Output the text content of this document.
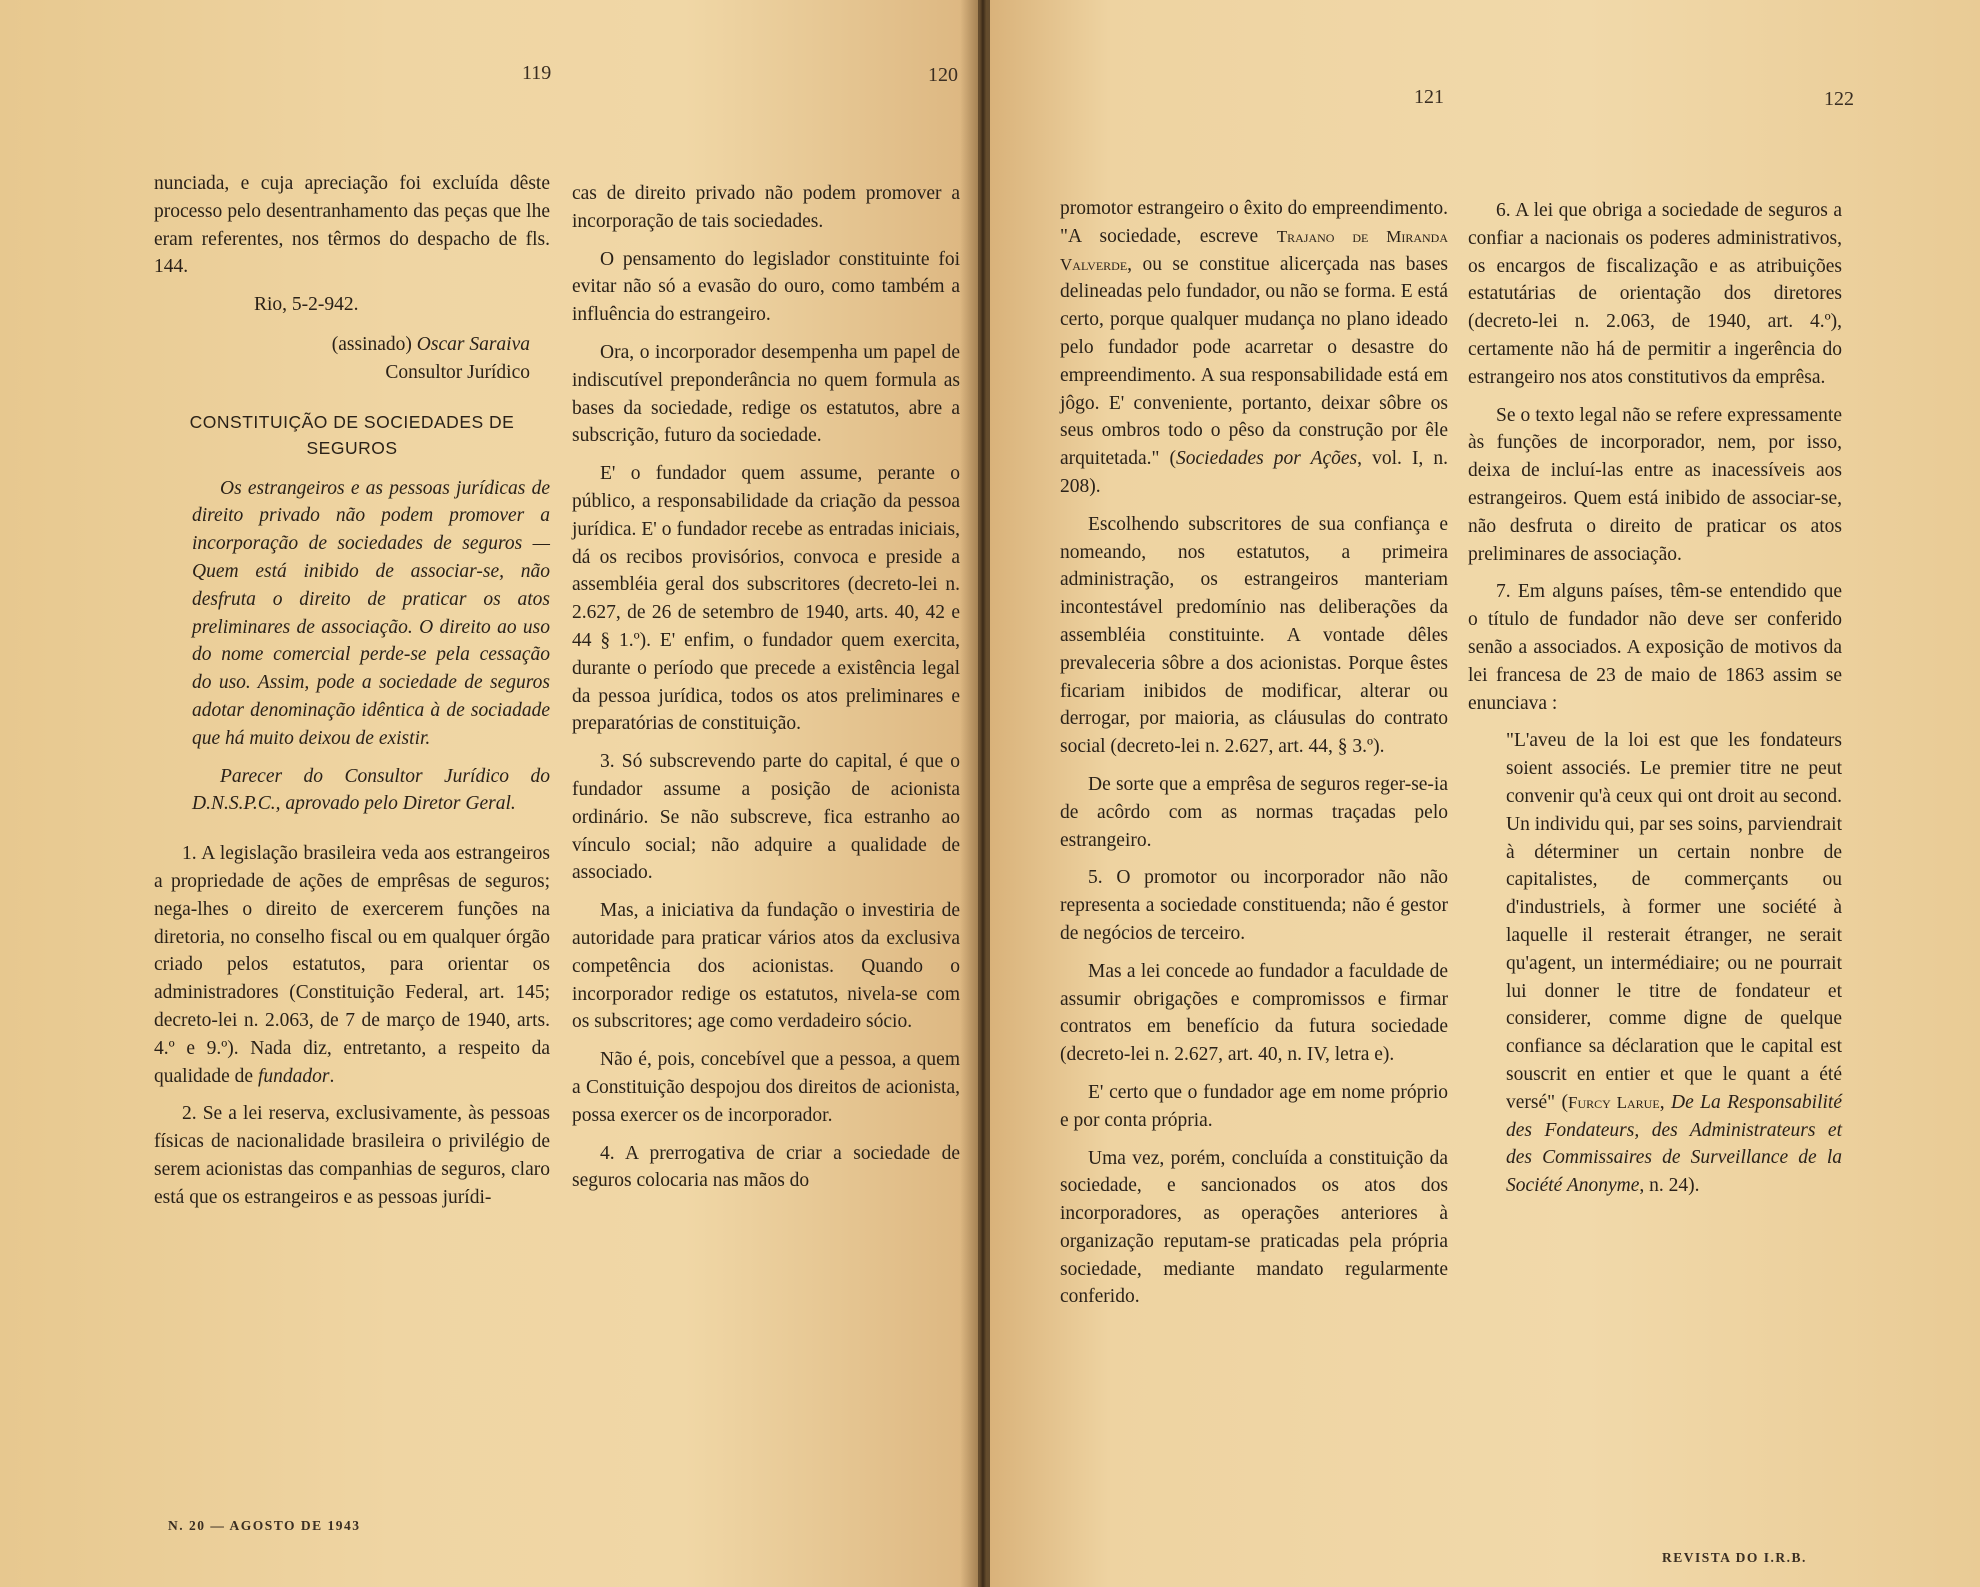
119	120

nunciada, e cuja apreciação foi excluída dêste processo pelo desentranhamento das peças que lhe eram referentes, nos têrmos do despacho de fls. 144.

Rio, 5-2-942.

(assinado) Oscar Saraiva

Consultor Jurídico

CONSTITUIÇÃO DE SOCIEDADES DE SEGUROS

Os estrangeiros e as pessoas jurídicas de direito privado não podem promover a incorporação de sociedades de seguros — Quem está inibido de associar-se, não desfruta o direito de praticar os atos preliminares de associação. O direito ao uso do nome comercial perde-se pela cessação do uso. Assim, pode a sociedade de seguros adotar denominação idêntica à de sociadade que há muito deixou de existir.

Parecer do Consultor Jurídico do D.N.S.P.C., aprovado pelo Diretor Geral.

1. A legislação brasileira veda aos estrangeiros a propriedade de ações de emprêsas de seguros; nega-lhes o direito de exercerem funções na diretoria, no conselho fiscal ou em qualquer órgão criado pelos estatutos, para orientar os administradores (Constituição Federal, art. 145; decreto-lei n. 2.063, de 7 de março de 1940, arts. 4.º e 9.º). Nada diz, entretanto, a respeito da qualidade de fundador.

2. Se a lei reserva, exclusivamente, às pessoas físicas de nacionalidade brasileira o privilégio de serem acionistas das companhias de seguros, claro está que os estrangeiros e as pessoas jurídi-

cas de direito privado não podem promover a incorporação de tais sociedades.

O pensamento do legislador constituinte foi evitar não só a evasão do ouro, como também a influência do estrangeiro.

Ora, o incorporador desempenha um papel de indiscutível preponderância no quem formula as bases da sociedade, redige os estatutos, abre a subscrição, futuro da sociedade.

E' o fundador quem assume, perante o público, a responsabilidade da criação da pessoa jurídica. E' o fundador recebe as entradas iniciais, dá os recibos provisórios, convoca e preside a assembléia geral dos subscritores (decreto-lei n. 2.627, de 26 de setembro de 1940, arts. 40, 42 e 44 § 1.º). E' enfim, o fundador quem exercita, durante o período que precede a existência legal da pessoa jurídica, todos os atos preliminares e preparatórias de constituição.

3. Só subscrevendo parte do capital, é que o fundador assume a posição de acionista ordinário. Se não subscreve, fica estranho ao vínculo social; não adquire a qualidade de associado.

Mas, a iniciativa da fundação o investiria de autoridade para praticar vários atos da exclusiva competência dos acionistas. Quando o incorporador redige os estatutos, nivela-se com os subscritores; age como verdadeiro sócio.

Não é, pois, concebível que a pessoa, a quem a Constituição despojou dos direitos de acionista, possa exercer os de incorporador.

4. A prerrogativa de criar a sociedade de seguros colocaria nas mãos do

N. 20 — AGOSTO DE 1943
121	122

promotor estrangeiro o êxito do empreendimento. "A sociedade, escreve Trajano de Miranda Valverde, ou se constitue alicerçada nas bases delineadas pelo fundador, ou não se forma. E está certo, porque qualquer mudança no plano ideado pelo fundador pode acarretar o desastre do empreendimento. A sua responsabilidade está em jôgo. E' conveniente, portanto, deixar sôbre os seus ombros todo o pêso da construção por êle arquitetada." (Sociedades por Ações, vol. I, n. 208).

Escolhendo subscritores de sua confiança e nomeando, nos estatutos, a primeira administração, os estrangeiros manteriam incontestável predomínio nas deliberações da assembléia constituinte. A vontade dêles prevaleceria sôbre a dos acionistas. Porque êstes ficariam inibidos de modificar, alterar ou derrogar, por maioria, as cláusulas do contrato social (decreto-lei n. 2.627, art. 44, § 3.º).

De sorte que a emprêsa de seguros reger-se-ia de acôrdo com as normas traçadas pelo estrangeiro.

5. O promotor ou incorporador não não representa a sociedade constituenda; não é gestor de negócios de terceiro.

Mas a lei concede ao fundador a faculdade de assumir obrigações e compromissos e firmar contratos em benefício da futura sociedade (decreto-lei n. 2.627, art. 40, n. IV, letra e).

E' certo que o fundador age em nome próprio e por conta própria.

Uma vez, porém, concluída a constituição da sociedade, e sancionados os atos dos incorporadores, as operações anteriores à organização reputam-se praticadas pela própria sociedade, mediante mandato regularmente conferido.

6. A lei que obriga a sociedade de seguros a confiar a nacionais os poderes administrativos, os encargos de fiscalização e as atribuições estatutárias de orientação dos diretores (decreto-lei n. 2.063, de 1940, art. 4.º), certamente não há de permitir a ingerência do estrangeiro nos atos constitutivos da emprêsa.

Se o texto legal não se refere expressamente às funções de incorporador, nem, por isso, deixa de incluí-las entre as inacessíveis aos estrangeiros. Quem está inibido de associar-se, não desfruta o direito de praticar os atos preliminares de associação.

7. Em alguns países, têm-se entendido que o título de fundador não deve ser conferido senão a associados. A exposição de motivos da lei francesa de 23 de maio de 1863 assim se enunciava :

"L'aveu de la loi est que les fondateurs soient associés. Le premier titre ne peut convenir qu'à ceux qui ont droit au second. Un individu qui, par ses soins, parviendrait à déterminer un certain nonbre de capitalistes, de commerçants ou d'industriels, à former une société à laquelle il resterait étranger, ne serait qu'agent, un intermédiaire; ou ne pourrait lui donner le titre de fondateur et considerer, comme digne de quelque confiance sa déclaration que le capital est souscrit en entier et que le quant a été versé" (Furcy Larue, De La Responsabilité des Fondateurs, des Administrateurs et des Commissaires de Surveillance de la Société Anonyme, n. 24).

REVISTA DO I.R.B.
